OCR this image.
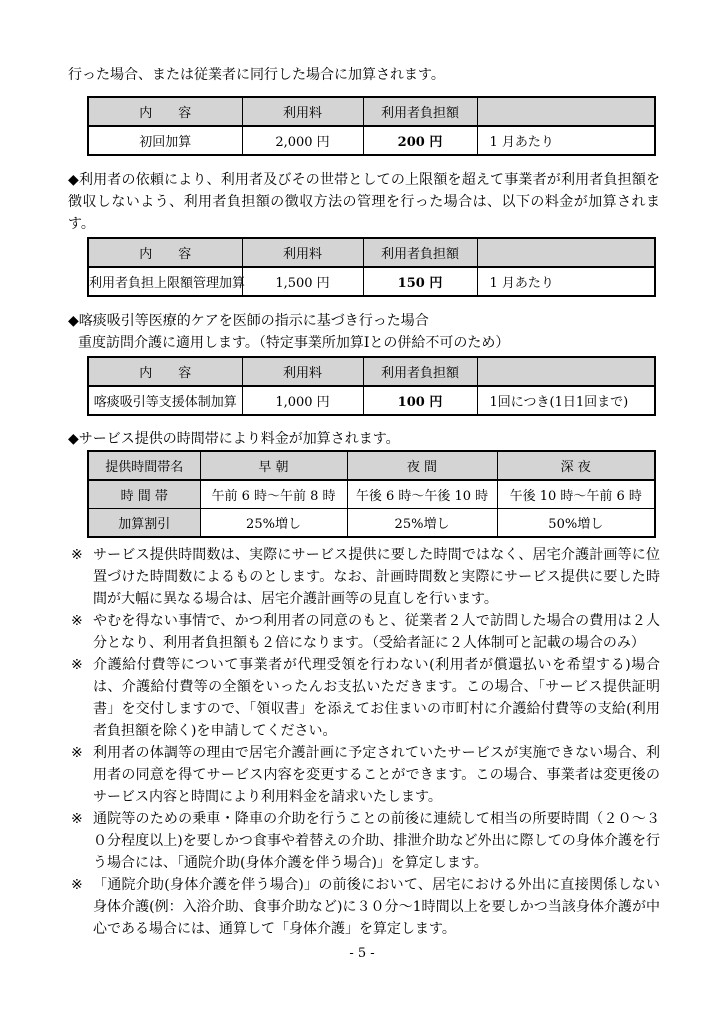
行った場合、または従業者に同行した場合に加算されます。

内　　容	利用料	利用者負担額	
初回加算	2,000 円	200 円	1 月あたり

◆利用者の依頼により、利用者及びその世帯としての上限額を超えて事業者が利用者負担額を徴収しないよう、利用者負担額の徴収方法の管理を行った場合は、以下の料金が加算されます。

内　　容	利用料	利用者負担額	
利用者負担上限額管理加算	1,500 円	150 円	1 月あたり

◆喀痰吸引等医療的ケアを医師の指示に基づき行った場合

重度訪問介護に適用します。（特定事業所加算Ⅰとの併給不可のため）

内　　容	利用料	利用者負担額	
喀痰吸引等支援体制加算	1,000 円	100 円	1回につき(1日1回まで)

◆サービス提供の時間帯により料金が加算されます。

提供時間帯名	早 朝	夜 間	深 夜
時 間 帯	午前 6 時～午前 8 時	午後 6 時～午後 10 時	午後 10 時～午前 6 時
加算割引	25%増し	25%増し	50%増し
※ サービス提供時間数は、実際にサービス提供に要した時間ではなく、居宅介護計画等に位置づけた時間数によるものとします。なお、計画時間数と実際にサービス提供に要した時間が大幅に異なる場合は、居宅介護計画等の見直しを行います。
※ やむを得ない事情で、かつ利用者の同意のもと、従業者２人で訪問した場合の費用は２人分となり、利用者負担額も２倍になります。（受給者証に２人体制可と記載の場合のみ）
※ 介護給付費等について事業者が代理受領を行わない(利用者が償還払いを希望する)場合は、介護給付費等の全額をいったんお支払いただきます。この場合、「サービス提供証明書」を交付しますので、「領収書」を添えてお住まいの市町村に介護給付費等の支給(利用者負担額を除く)を申請してください。
※ 利用者の体調等の理由で居宅介護計画に予定されていたサービスが実施できない場合、利用者の同意を得てサービス内容を変更することができます。この場合、事業者は変更後のサービス内容と時間により利用料金を請求いたします。
※ 通院等のための乗車・降車の介助を行うことの前後に連続して相当の所要時間（２０～３０分程度以上)を要しかつ食事や着替えの介助、排泄介助など外出に際しての身体介護を行う場合には、「通院介助(身体介護を伴う場合)」を算定します。
※ 「通院介助(身体介護を伴う場合)」の前後において、居宅における外出に直接関係しない身体介護(例：入浴介助、食事介助など)に３０分～1時間以上を要しかつ当該身体介護が中心である場合には、通算して「身体介護」を算定します。
- 5 -
